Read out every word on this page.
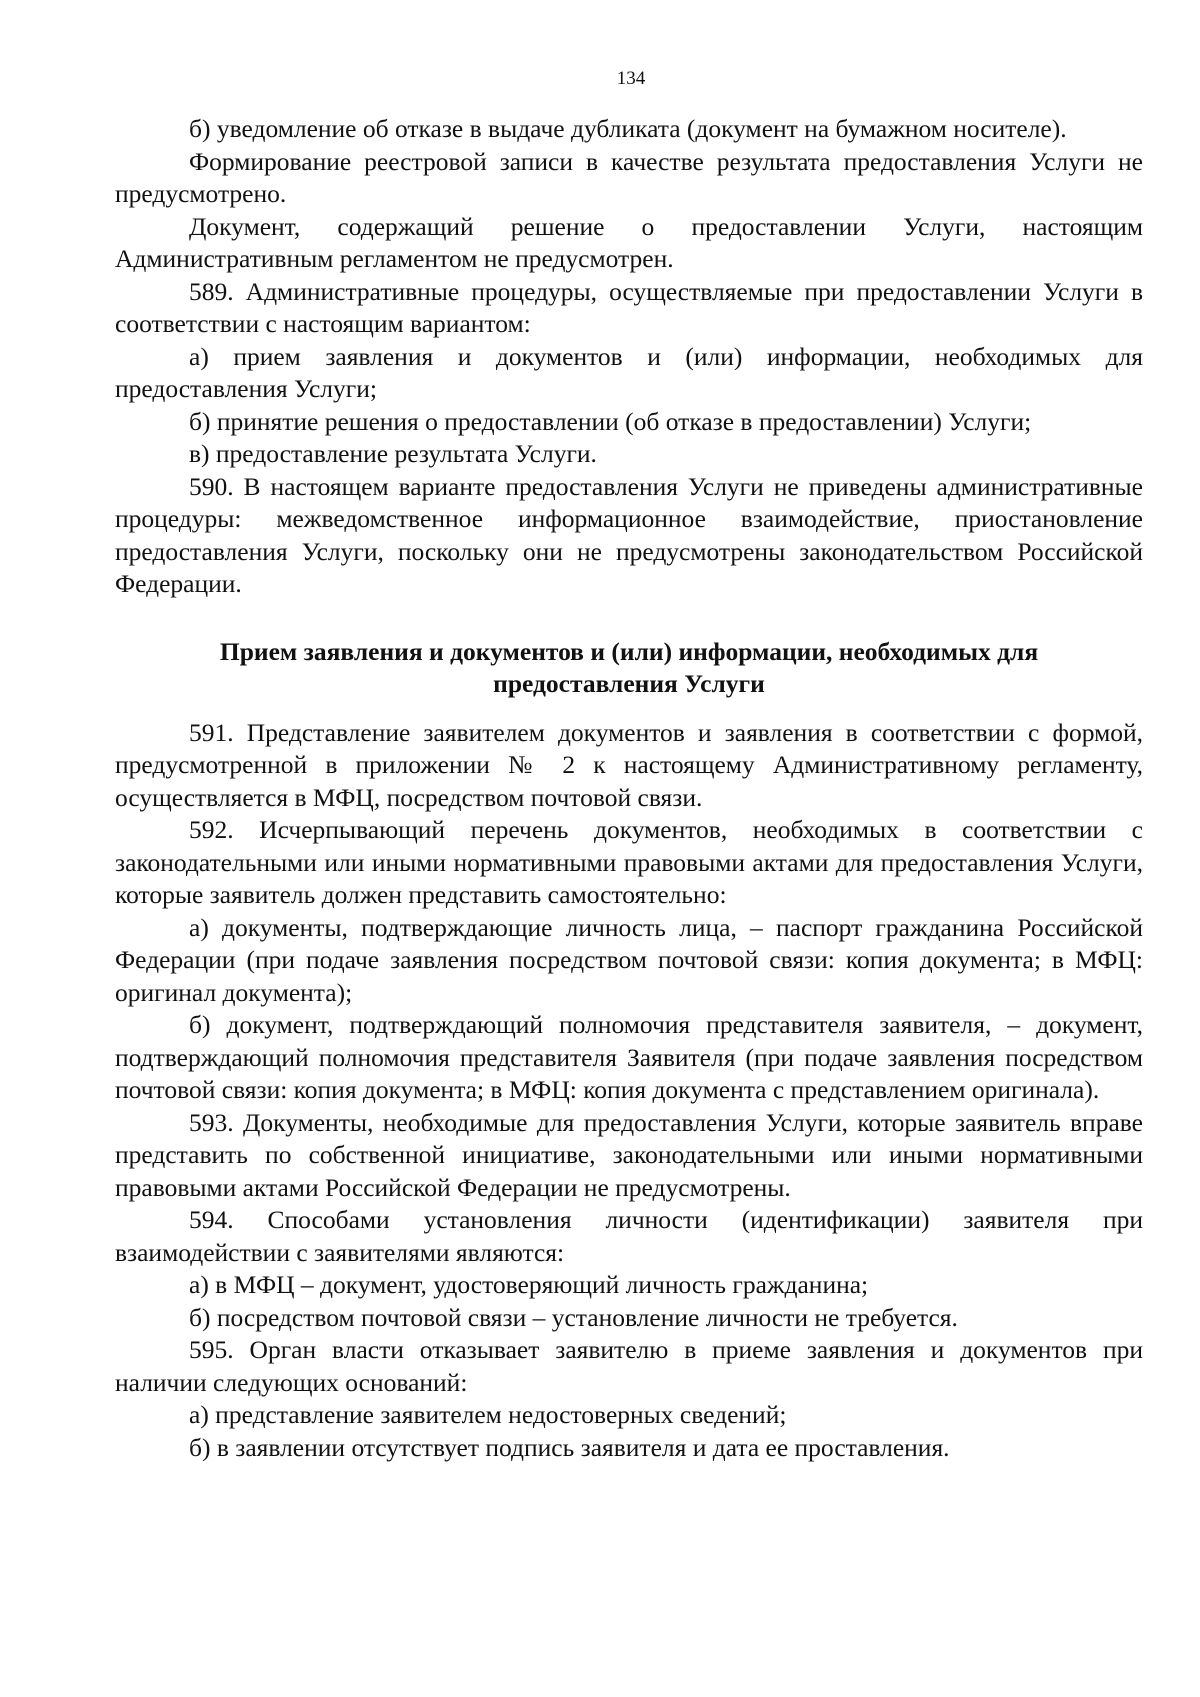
134

б) уведомление об отказе в выдаче дубликата (документ на бумажном носителе).

Формирование реестровой записи в качестве результата предоставления Услуги не предусмотрено.

Документ, содержащий решение о предоставлении Услуги, настоящим Административным регламентом не предусмотрен.

589. Административные процедуры, осуществляемые при предоставлении Услуги в соответствии с настоящим вариантом:

а) прием заявления и документов и (или) информации, необходимых для предоставления Услуги;

б) принятие решения о предоставлении (об отказе в предоставлении) Услуги;

в) предоставление результата Услуги.

590. В настоящем варианте предоставления Услуги не приведены административные процедуры: межведомственное информационное взаимодействие, приостановление предоставления Услуги, поскольку они не предусмотрены законодательством Российской Федерации.

Прием заявления и документов и (или) информации, необходимых для
предоставления Услуги

591. Представление заявителем документов и заявления в соответствии с формой, предусмотренной в приложении № 2 к настоящему Административному регламенту, осуществляется в МФЦ, посредством почтовой связи.

592. Исчерпывающий перечень документов, необходимых в соответствии с законодательными или иными нормативными правовыми актами для предоставления Услуги, которые заявитель должен представить самостоятельно:

а) документы, подтверждающие личность лица, – паспорт гражданина Российской Федерации (при подаче заявления посредством почтовой связи: копия документа; в МФЦ: оригинал документа);

б) документ, подтверждающий полномочия представителя заявителя, – документ, подтверждающий полномочия представителя Заявителя (при подаче заявления посредством почтовой связи: копия документа; в МФЦ: копия документа с представлением оригинала).

593. Документы, необходимые для предоставления Услуги, которые заявитель вправе представить по собственной инициативе, законодательными или иными нормативными правовыми актами Российской Федерации не предусмотрены.

594. Способами установления личности (идентификации) заявителя при взаимодействии с заявителями являются:

а) в МФЦ – документ, удостоверяющий личность гражданина;

б) посредством почтовой связи – установление личности не требуется.

595. Орган власти отказывает заявителю в приеме заявления и документов при наличии следующих оснований:

а) представление заявителем недостоверных сведений;

б) в заявлении отсутствует подпись заявителя и дата ее проставления.
